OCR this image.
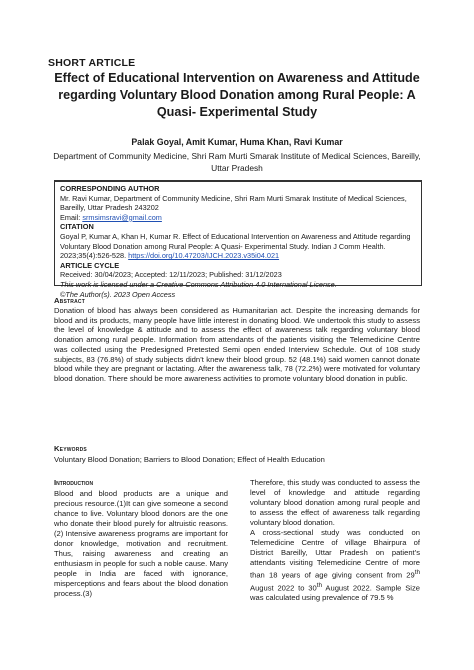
SHORT ARTICLE
Effect of Educational Intervention on Awareness and Attitude regarding Voluntary Blood Donation among Rural People: A Quasi- Experimental Study
Palak Goyal, Amit Kumar, Huma Khan, Ravi Kumar
Department of Community Medicine, Shri Ram Murti Smarak Institute of Medical Sciences, Bareilly, Uttar Pradesh
CORRESPONDING AUTHOR
Mr. Ravi Kumar, Department of Community Medicine, Shri Ram Murti Smarak Institute of Medical Sciences, Bareilly, Uttar Pradesh 243202
Email: srmsimsravi@gmail.com
CITATION
Goyal P, Kumar A, Khan H, Kumar R. Effect of Educational Intervention on Awareness and Attitude regarding Voluntary Blood Donation among Rural People: A Quasi- Experimental Study. Indian J Comm Health. 2023;35(4):526-528. https://doi.org/10.47203/IJCH.2023.v35i04.021
ARTICLE CYCLE
Received: 30/04/2023; Accepted: 12/11/2023; Published: 31/12/2023
This work is licensed under a Creative Commons Attribution 4.0 International License.
©The Author(s). 2023 Open Access
Abstract
Donation of blood has always been considered as Humanitarian act. Despite the increasing demands for blood and its products, many people have little interest in donating blood. We undertook this study to assess the level of knowledge & attitude and to assess the effect of awareness talk regarding voluntary blood donation among rural people. Information from attendants of the patients visiting the Telemedicine Centre was collected using the Predesigned Pretested Semi open ended Interview Schedule. Out of 108 study subjects, 83 (76.8%) of study subjects didn’t knew their blood group. 52 (48.1%) said women cannot donate blood while they are pregnant or lactating. After the awareness talk, 78 (72.2%) were motivated for voluntary blood donation. There should be more awareness activities to promote voluntary blood donation in public.
Keywords
Voluntary Blood Donation; Barriers to Blood Donation; Effect of Health Education
Introduction
Blood and blood products are a unique and precious resource.(1)It can give someone a second chance to live. Voluntary blood donors are the one who donate their blood purely for altruistic reasons.(2) Intensive awareness programs are important for donor knowledge, motivation and recruitment. Thus, raising awareness and creating an enthusiasm in people for such a noble cause. Many people in India are faced with ignorance, misperceptions and fears about the blood donation process.(3)
Therefore, this study was conducted to assess the level of knowledge and attitude regarding voluntary blood donation among rural people and to assess the effect of awareness talk regarding voluntary blood donation.
A cross-sectional study was conducted on Telemedicine Centre of village Bhairpura of District Bareilly, Uttar Pradesh on patient’s attendants visiting Telemedicine Centre of more than 18 years of age giving consent from 29th August 2022 to 30th August 2022. Sample Size was calculated using prevalence of 79.5 %
